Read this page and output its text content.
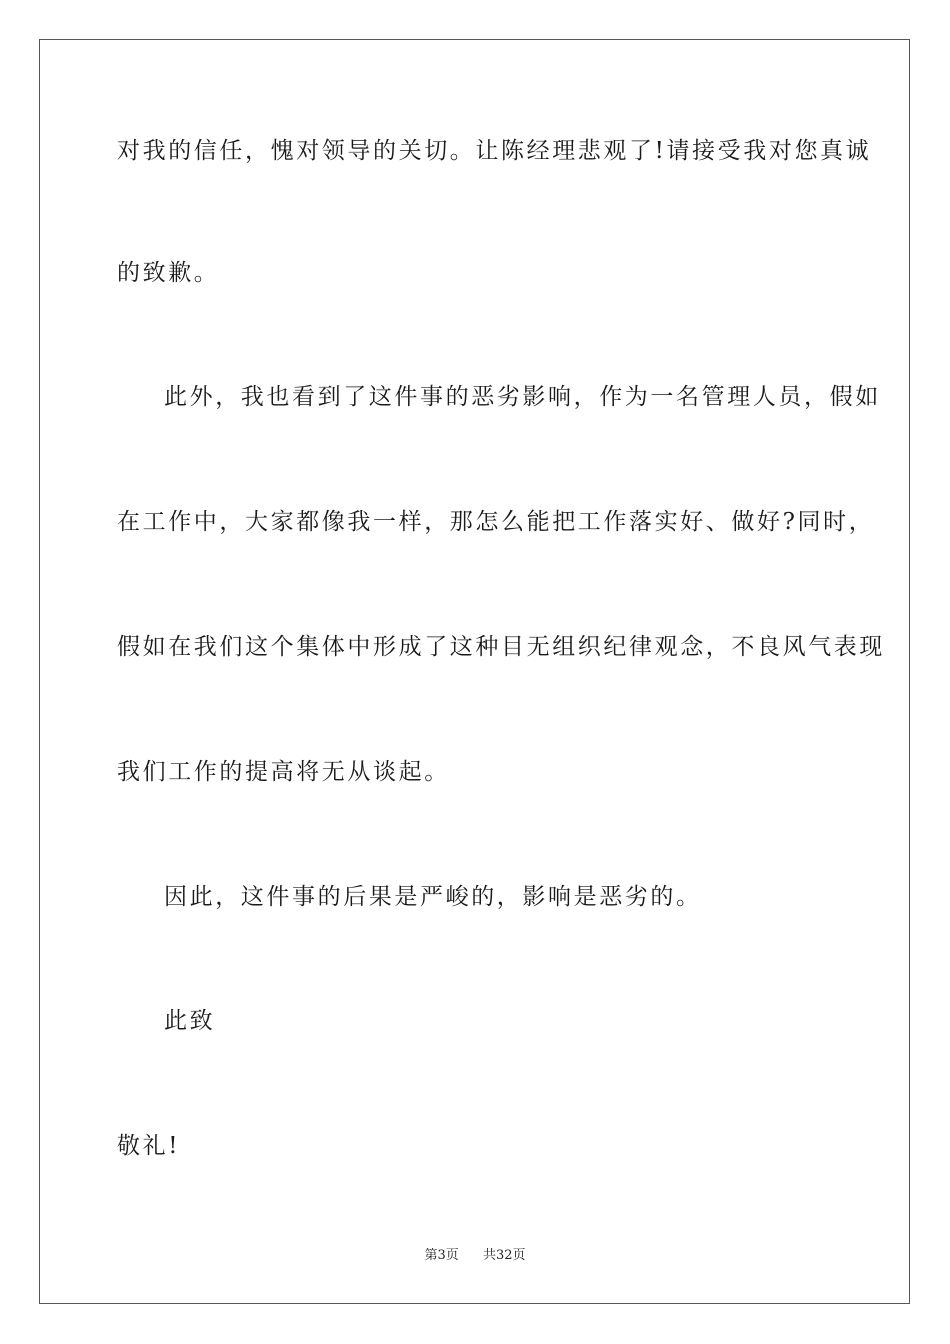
对我的信任，愧对领导的关切。让陈经理悲观了!请接受我对您真诚
的致歉。
此外，我也看到了这件事的恶劣影响，作为一名管理人员，假如
在工作中，大家都像我一样，那怎么能把工作落实好、做好?同时，
假如在我们这个集体中形成了这种目无组织纪律观念，不良风气表现
我们工作的提高将无从谈起。
因此，这件事的后果是严峻的，影响是恶劣的。
此致
敬礼!
第3页 共32页
